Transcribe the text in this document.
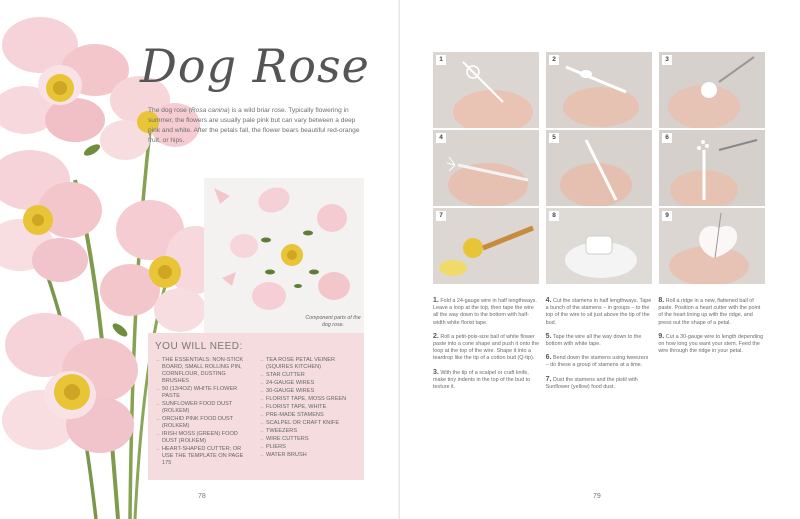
Dog Rose

The dog rose (Rosa canina) is a wild briar rose. Typically flowering in summer, the flowers are usually pale pink but can vary between a deep pink and white. After the petals fall, the flower bears beautiful red-orange fruit, or hips.

Component parts of the dog rose.
YOU WILL NEED:
→ THE ESSENTIALS: NON-STICK BOARD, SMALL ROLLING PIN, CORNFLOUR, DUSTING BRUSHES
→ 50 (13/4OZ) WHITE FLOWER PASTE
→ SUNFLOWER FOOD DUST (ROLKEM)
→ ORCHID PINK FOOD DUST (ROLKEM)
→ IRISH MOSS (GREEN) FOOD DUST (ROLKEM)
→ HEART-SHAPED CUTTER; OR USE THE TEMPLATE ON PAGE 175
→ TEA ROSE PETAL VEINER (SQUIRES KITCHEN)
→ STAR CUTTER
→ 24-GAUGE WIRES
→ 30-GAUGE WIRES
→ FLORIST TAPE, MOSS GREEN
→ FLORIST TAPE, WHITE
→ PRE-MADE STAMENS
→ SCALPEL OR CRAFT KNIFE
→ TWEEZERS
→ WIRE CUTTERS
→ PLIERS
→ WATER BRUSH
78
1	2	3
4	5	6
7	8	9

1. Fold a 24-gauge wire in half lengthways. Leave a loop at the top, then tape the wire all the way down to the bottom with half-width white florist tape.

2. Roll a petit-pois-size ball of white flower paste into a cone shape and push it onto the loop at the top of the wire. Shape it into a teardrop like the tip of a cotton bud (Q-tip).

3. With the tip of a scalpel or craft knife, make tiny indents in the top of the bud to texture it.

4. Cut the stamens in half lengthways. Tape a bunch of the stamens – in groups – to the top of the wire to sit just above the tip of the bud.

5. Tape the wire all the way down to the bottom with white tape.

6. Bend down the stamens using tweezers – do these a group of stamens at a time.

7. Dust the stamens and the pistil with Sunflower (yellow) food dust.

8. Roll a ridge in a new, flattened ball of paste. Position a heart cutter with the point of the heart lining up with the ridge, and press out the shape of a petal.

9. Cut a 30-gauge wire to length depending on how long you want your stem. Feed the wire through the ridge in your petal.

79
